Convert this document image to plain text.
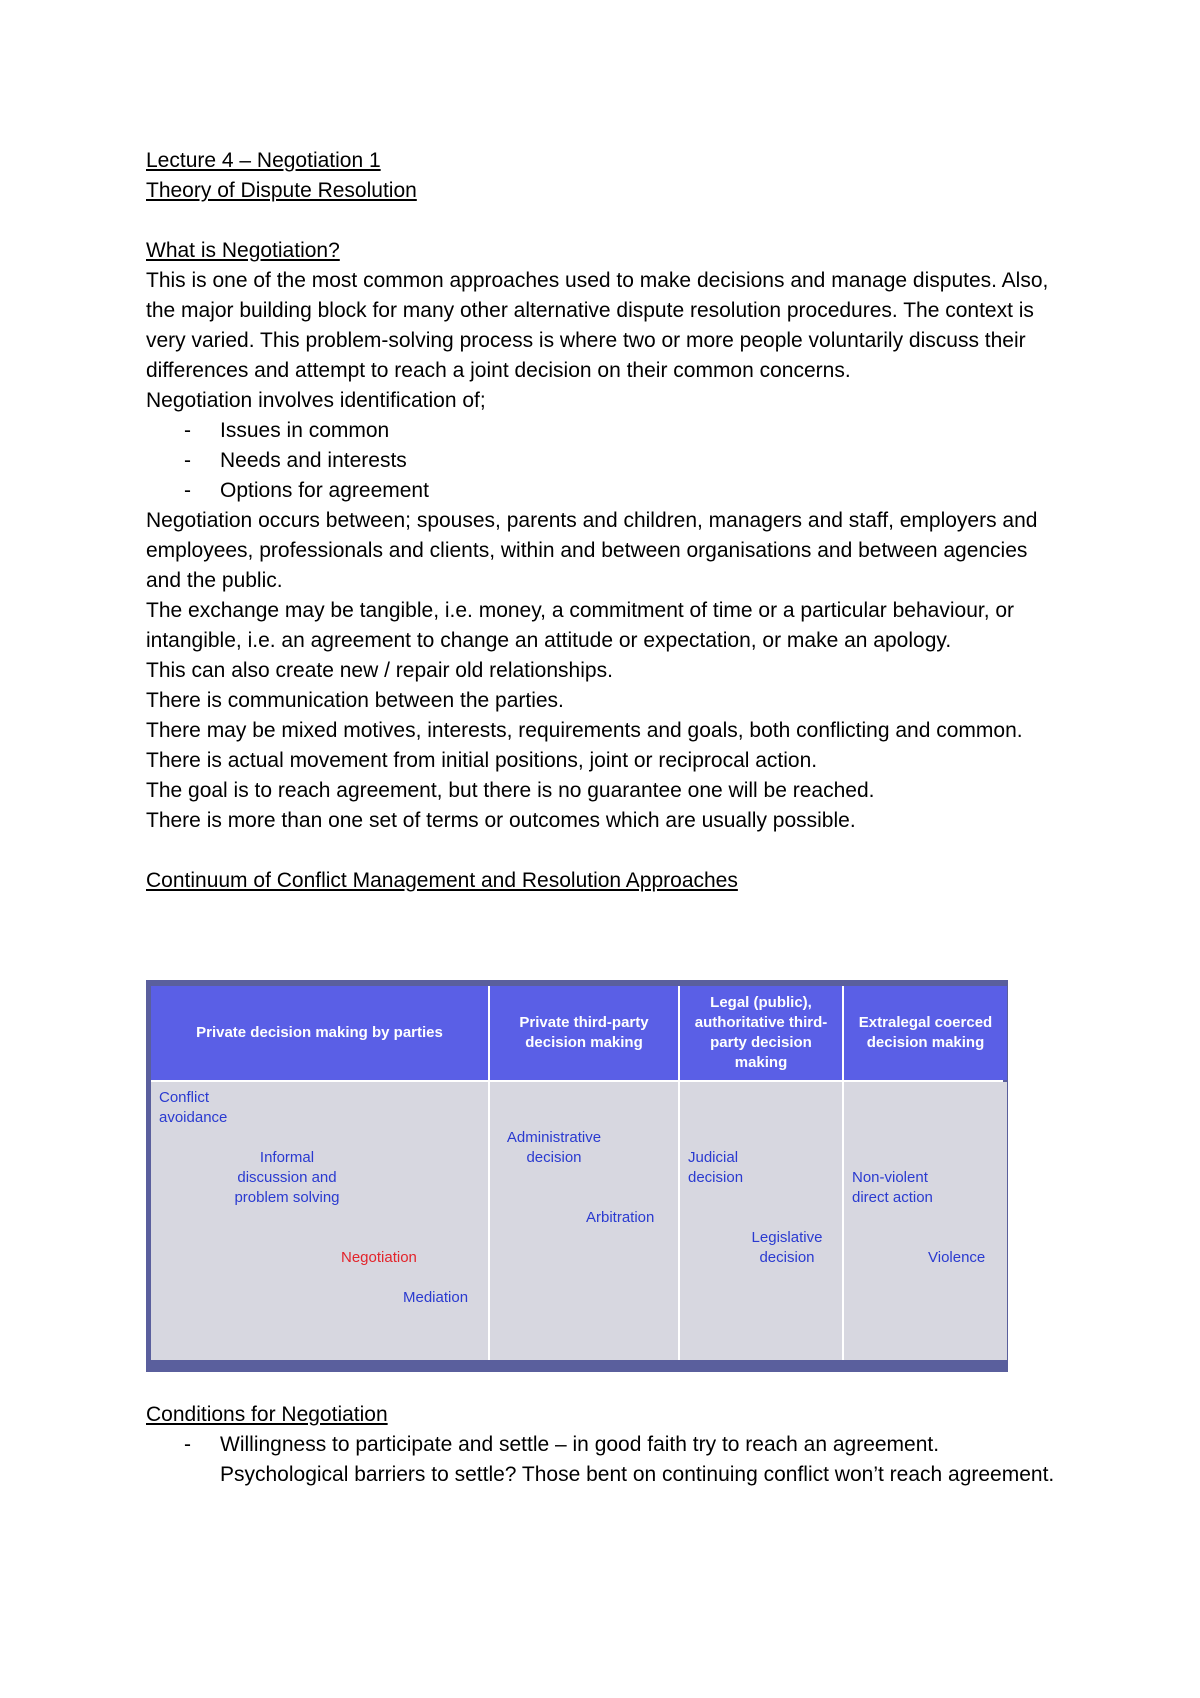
Lecture 4 – Negotiation 1

Theory of Dispute Resolution

What is Negotiation?

This is one of the most common approaches used to make decisions and manage disputes. Also, the major building block for many other alternative dispute resolution procedures. The context is very varied. This problem-solving process is where two or more people voluntarily discuss their differences and attempt to reach a joint decision on their common concerns.

Negotiation involves identification of;

- Issues in common
- Needs and interests
- Options for agreement

Negotiation occurs between; spouses, parents and children, managers and staff, employers and employees, professionals and clients, within and between organisations and between agencies and the public.

The exchange may be tangible, i.e. money, a commitment of time or a particular behaviour, or intangible, i.e. an agreement to change an attitude or expectation, or make an apology.

This can also create new / repair old relationships.

There is communication between the parties.

There may be mixed motives, interests, requirements and goals, both conflicting and common.

There is actual movement from initial positions, joint or reciprocal action.

The goal is to reach agreement, but there is no guarantee one will be reached.

There is more than one set of terms or outcomes which are usually possible.

Continuum of Conflict Management and Resolution Approaches

Private decision making by parties
Private third-party decision making
Legal (public), authoritative third-party decision making
Extralegal coerced decision making
Conflict avoidance
Informal discussion and problem solving
Negotiation
Mediation
Administrative decision
Arbitration
Judicial decision
Legislative decision
Non-violent direct action
Violence

Conditions for Negotiation

- Willingness to participate and settle – in good faith try to reach an agreement. Psychological barriers to settle? Those bent on continuing conflict won’t reach agreement.
